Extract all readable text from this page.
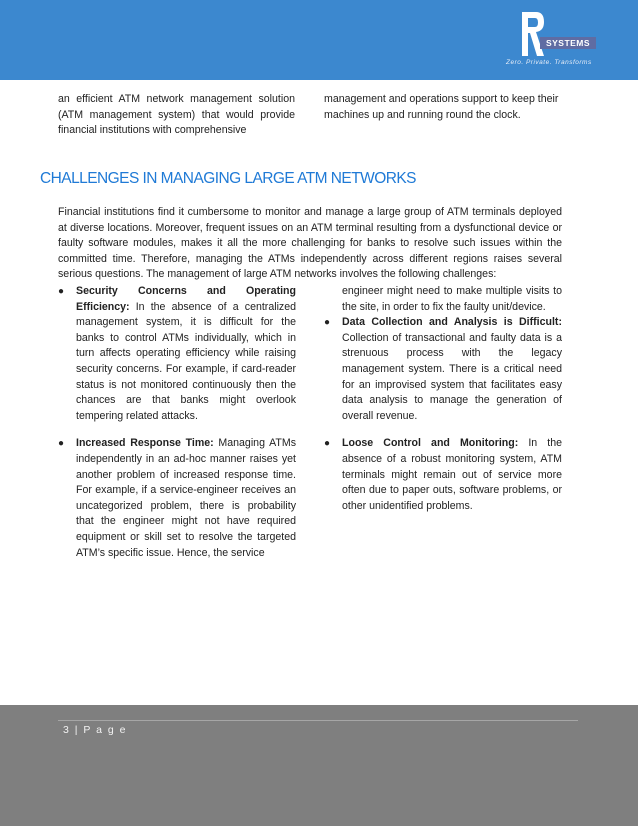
SYSTEMS
Zero. Private. Transforms

an efficient ATM network management solution (ATM management system) that would provide financial institutions with comprehensive

management and operations support to keep their machines up and running round the clock.

CHALLENGES IN MANAGING LARGE ATM NETWORKS

Financial institutions find it cumbersome to monitor and manage a large group of ATM terminals deployed at diverse locations. Moreover, frequent issues on an ATM terminal resulting from a dysfunctional device or faulty software modules, makes it all the more challenging for banks to resolve such issues within the committed time. Therefore, managing the ATMs independently across different regions raises several serious questions. The management of large ATM networks involves the following challenges:

●	Security Concerns and Operating Efficiency: In the absence of a centralized management system, it is difficult for the banks to control ATMs individually, which in turn affects operating efficiency while raising security concerns. For example, if card-reader status is not monitored continuously then the chances are that banks might overlook tempering related attacks.
●	Increased Response Time: Managing ATMs independently in an ad-hoc manner raises yet another problem of increased response time. For example, if a service-engineer receives an uncategorized problem, there is probability that the engineer might not have required equipment or skill set to resolve the targeted ATM’s specific issue. Hence, the service

engineer might need to make multiple visits to the site, in order to fix the faulty unit/device.

●	Data Collection and Analysis is Difficult: Collection of transactional and faulty data is a strenuous process with the legacy management system. There is a critical need for an improvised system that facilitates easy data analysis to manage the generation of overall revenue.
●	Loose Control and Monitoring: In the absence of a robust monitoring system, ATM terminals might remain out of service more often due to paper outs, software problems, or other unidentified problems.
3 | P a g e
